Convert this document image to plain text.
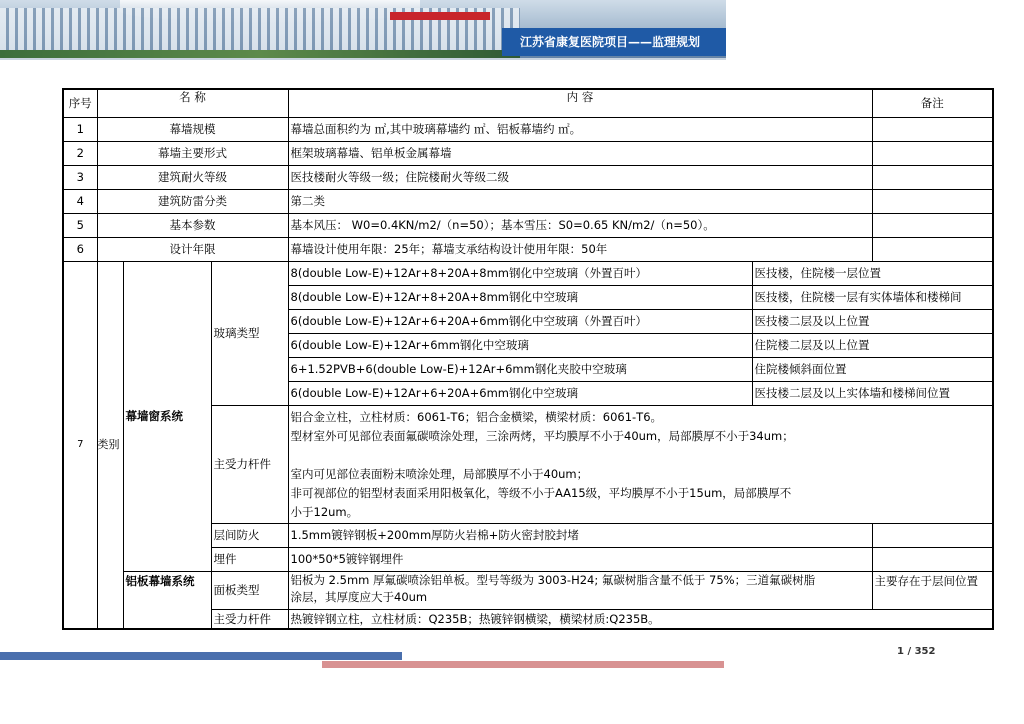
江苏省康复医院项目——监理规划
序号	名 称			内 容		备注
1	幕墙规模			幕墙总面积约为 ㎡,其中玻璃幕墙约 ㎡、铝板幕墙约 ㎡。		
2	幕墙主要形式			框架玻璃幕墙、铝单板金属幕墙		
3	建筑耐火等级			医技楼耐火等级一级；住院楼耐火等级二级		
4	建筑防雷分类			第二类		
5	基本参数			基本风压： W0=0.4KN/m2/（n=50）；基本雪压：S0=0.65 KN/m2/（n=50）。		
6	设计年限			幕墙设计使用年限：25年；幕墙支承结构设计使用年限：50年		
7	类别	幕墙窗系统	玻璃类型	8(double Low-E)+12Ar+8+20A+8mm钢化中空玻璃（外置百叶）	医技楼，住院楼一层位置	
				8(double Low-E)+12Ar+8+20A+8mm钢化中空玻璃	医技楼，住院楼一层有实体墙体和楼梯间	
				6(double Low-E)+12Ar+6+20A+6mm钢化中空玻璃（外置百叶）	医技楼二层及以上位置	
				6(double Low-E)+12Ar+6mm钢化中空玻璃	住院楼二层及以上位置	
				6+1.52PVB+6(double Low-E)+12Ar+6mm钢化夹胶中空玻璃	住院楼倾斜面位置	
				6(double Low-E)+12Ar+6+20A+6mm钢化中空玻璃	医技楼二层及以上实体墙和楼梯间位置	
			主受力杆件	铝合金立柱，立柱材质：6061-T6；铝合金横梁，横梁材质：6061-T6。
型材室外可见部位表面氟碳喷涂处理，三涂两烤，平均膜厚不小于40um，局部膜厚不小于34um；
室内可见部位表面粉末喷涂处理，局部膜厚不小于40um；
非可视部位的铝型材表面采用阳极氧化，等级不小于AA15级，平均膜厚不小于15um，局部膜厚不
小于12um。		

			层间防火	1.5mm镀锌钢板+200mm厚防火岩棉+防火密封胶封堵		
			埋件	100*50*5镀锌钢埋件		

		铝板幕墙系统	面板类型	铝板为 2.5mm 厚氟碳喷涂铝单板。型号等级为 3003-H24; 氟碳树脂含量不低于 75%；三道氟碳树脂
涂层，其厚度应大于40um		主要存在于层间位置
			主受力杆件	热镀锌钢立柱，立柱材质：Q235B；热镀锌钢横梁，横梁材质:Q235B。		

1 / 352
